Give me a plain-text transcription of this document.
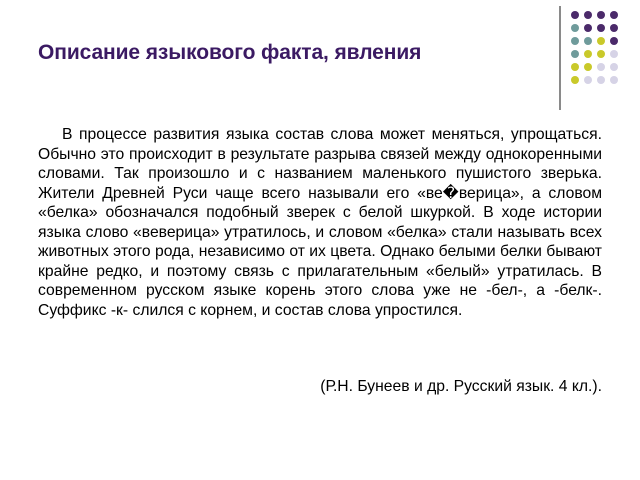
Описание языкового факта, явления

В процессе развития языка состав слова может меняться, упрощаться. Обычно это происходит в результате разрыва связей между однокоренными словами. Так произошло и с названием маленького пушистого зверька. Жители Древней Руси чаще всего называли его «ве�верица», а словом «белка» обозначался подобный зверек с белой шкуркой. В ходе истории языка слово «веверица» утратилось, и словом «белка» стали называть всех животных этого рода, независимо от их цвета. Однако белыми белки бывают крайне редко, и поэтому связь с прилагательным «белый» утратилась. В современном русском языке корень этого слова уже не -бел-, а -белк-. Суффикс -к- слился с корнем, и состав слова упростился.

(Р.Н. Бунеев и др. Русский язык. 4 кл.).
